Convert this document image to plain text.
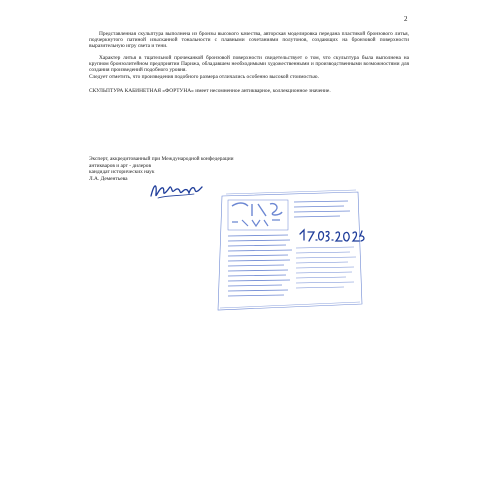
2

Представленная скульптура выполнена из бронзы высокого качества, авторская моделировка передана пластикой бронзового литья, подчеркнутого патиной изысканной тональности с плавными сочетаниями полутонов, создающих на бронзовой поверхности выразительную игру света и тени.

Характер литья в тщательной прочеканкой бронзовой поверхности свидетельствует о том, что скульптура была выполнена на крупном бронзолитейном предприятии Парижа, обладавшем необходимыми художественными и производственными возможностями для создания произведений подобного уровня.

Следует отметить, что произведения подобного размера отличались особенно высокой стоимостью.

СКУЛЬПТУРА КАБИНЕТНАЯ «ФОРТУНА» имеет несомненное антикварное, коллекционное значение.

Эксперт, аккредитованный при Международной конфедерации
антикваров и арт - дилеров
кандидат исторических наук
Л.А. Дементьева
